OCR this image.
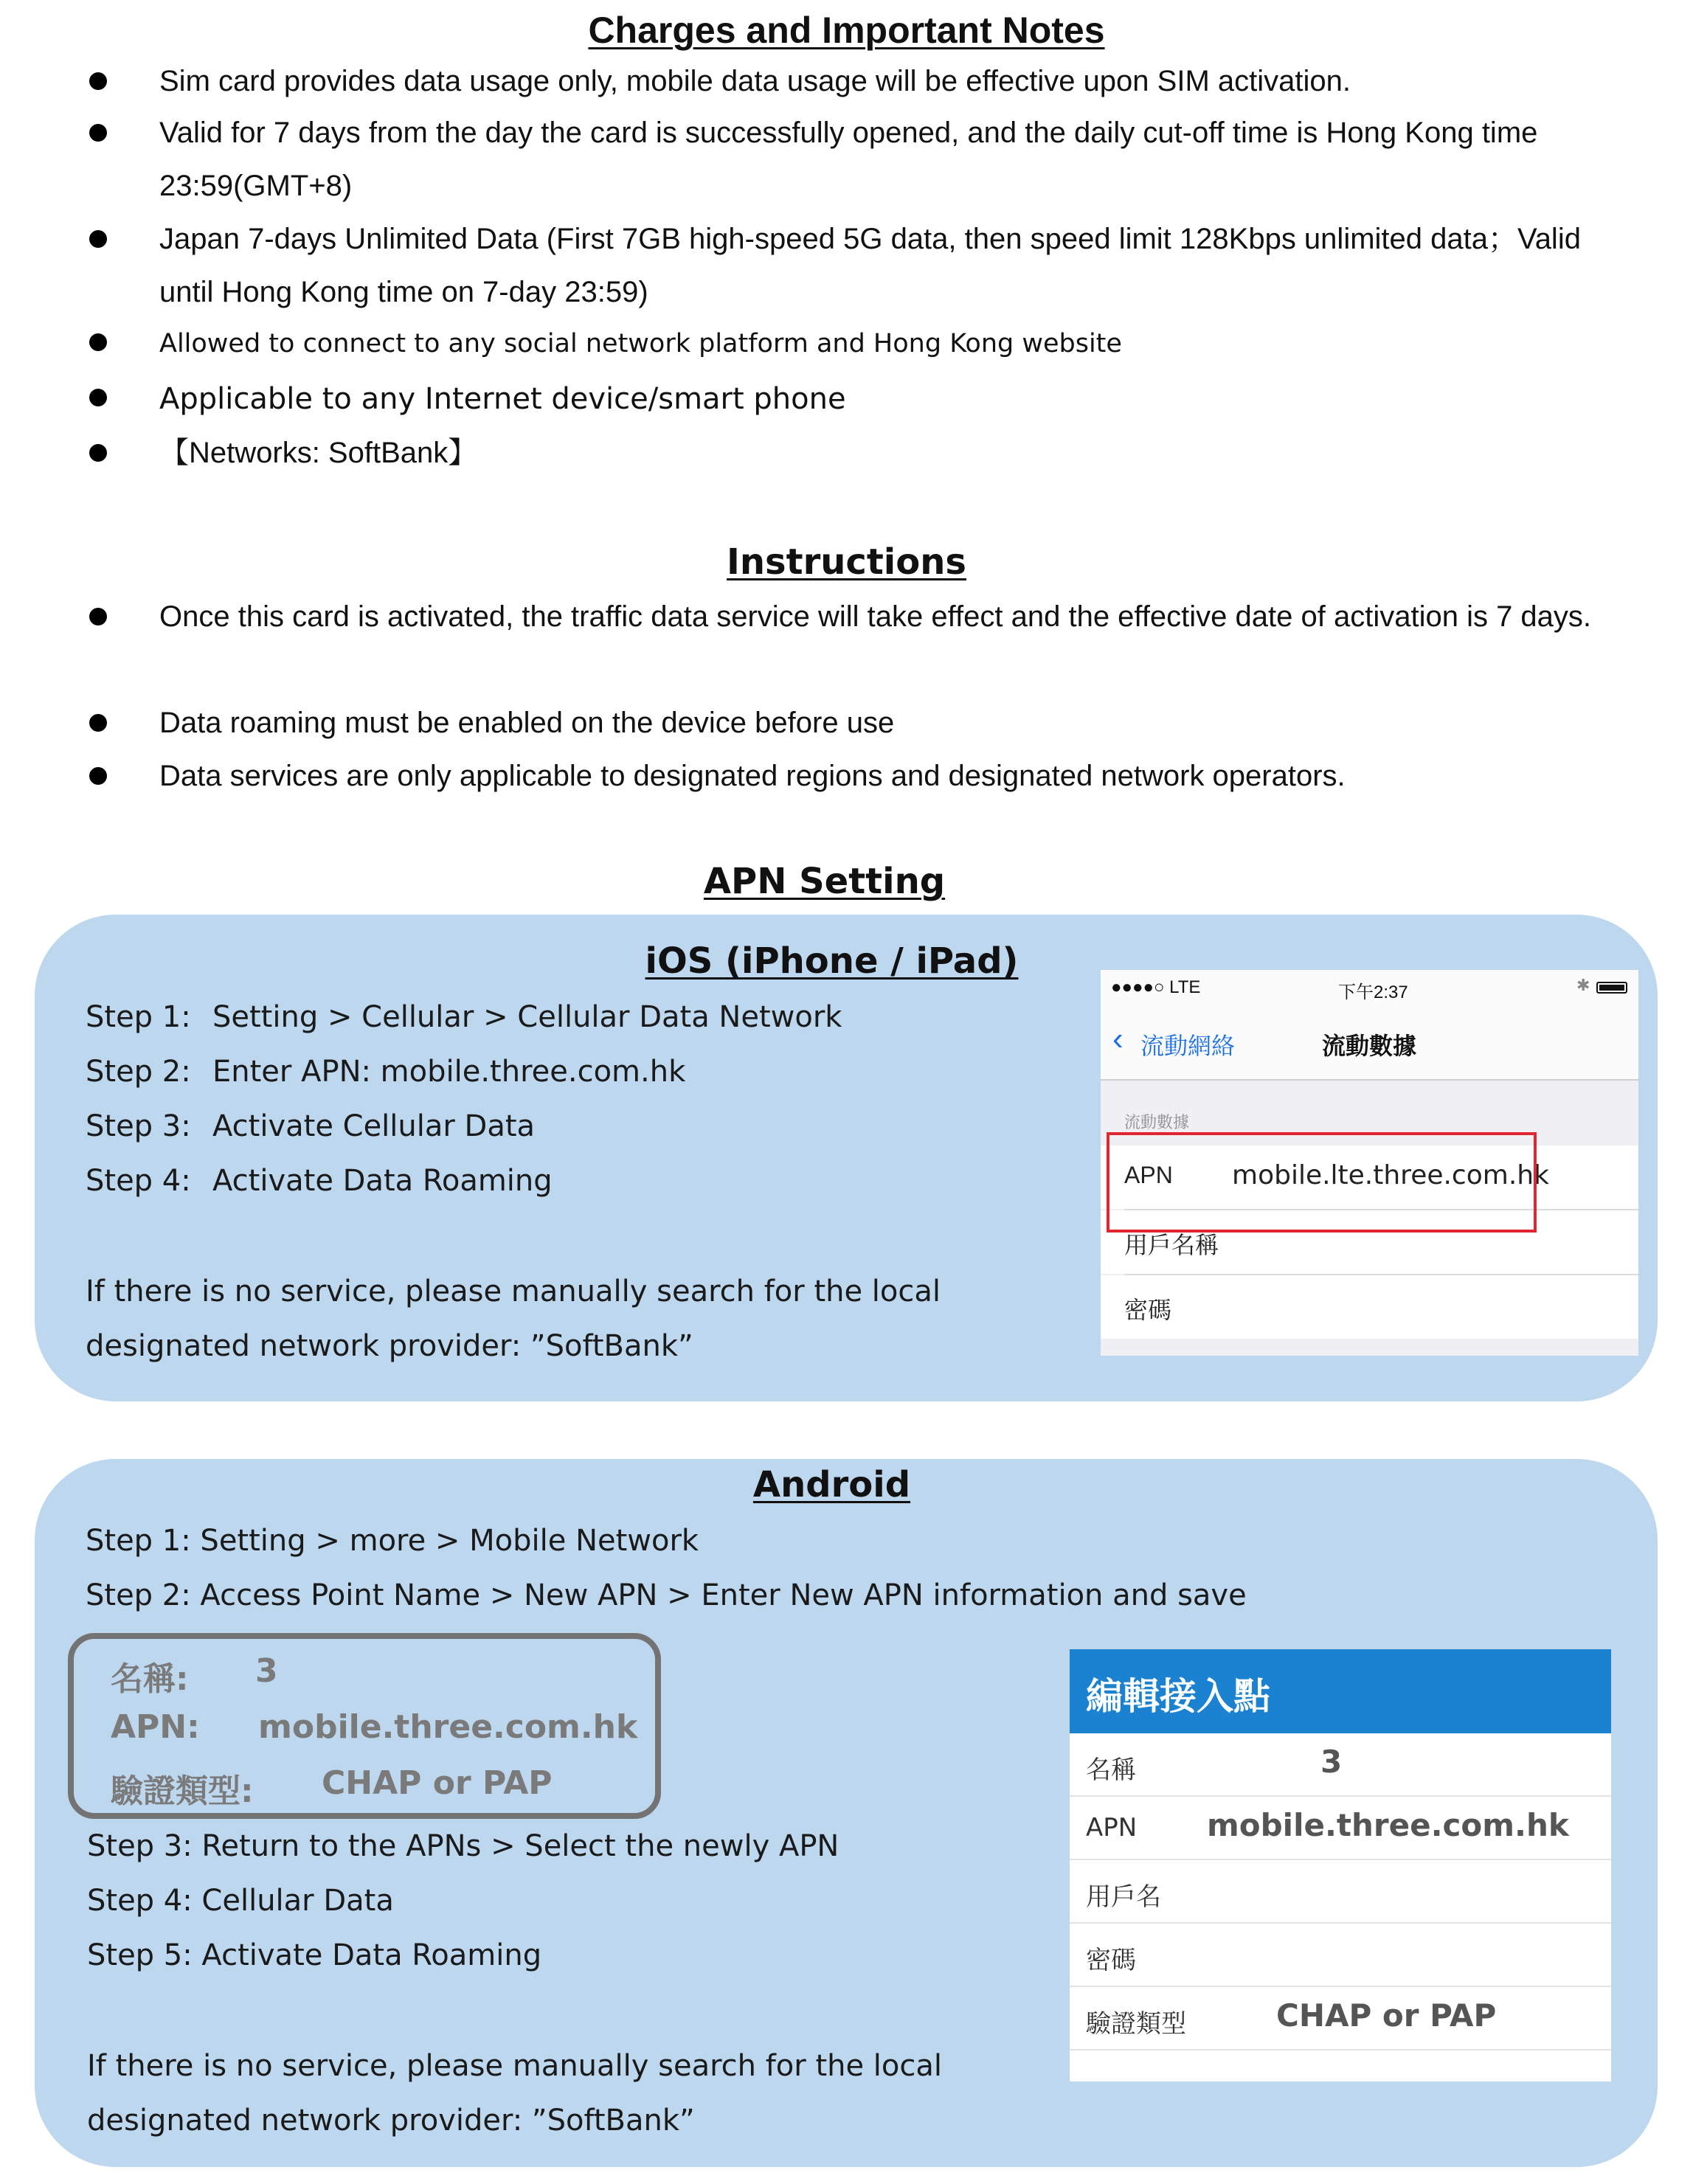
Charges and Important Notes
Sim card provides data usage only, mobile data usage will be effective upon SIM activation.
Valid for 7 days from the day the card is successfully opened, and the daily cut-off time is Hong Kong time 23:59(GMT+8)
Japan 7-days Unlimited Data (First 7GB high-speed 5G data, then speed limit 128Kbps unlimited data；Valid until Hong Kong time on 7-day 23:59)
Allowed to connect to any social network platform and Hong Kong website
Applicable to any Internet device/smart phone
【Networks: SoftBank】
Instructions
Once this card is activated, the traffic data service will take effect and the effective date of activation is 7 days.
Data roaming must be enabled on the device before use
Data services are only applicable to designated regions and designated network operators.
APN Setting
iOS (iPhone / iPad)
Step 1: Setting > Cellular > Cellular Data Network
Step 2: Enter APN: mobile.three.com.hk
Step 3: Activate Cellular Data
Step 4: Activate Data Roaming
If there is no service, please manually search for the local designated network provider: ”SoftBank”
●●●●○ LTE	下午2:37	✱
‹ 流動網絡	流動數據
流動數據
APN mobile.lte.three.com.hk
用戶名稱
密碼
Android
Step 1: Setting > more > Mobile Network
Step 2: Access Point Name > New APN > Enter New APN information and save
名稱: 3
APN: mobile.three.com.hk
驗證類型: CHAP or PAP
Step 3: Return to the APNs > Select the newly APN
Step 4: Cellular Data
Step 5: Activate Data Roaming
If there is no service, please manually search for the local designated network provider: ”SoftBank”
編輯接入點
名稱	3
APN mobile.three.com.hk
用戶名
密碼
驗證類型	CHAP or PAP
